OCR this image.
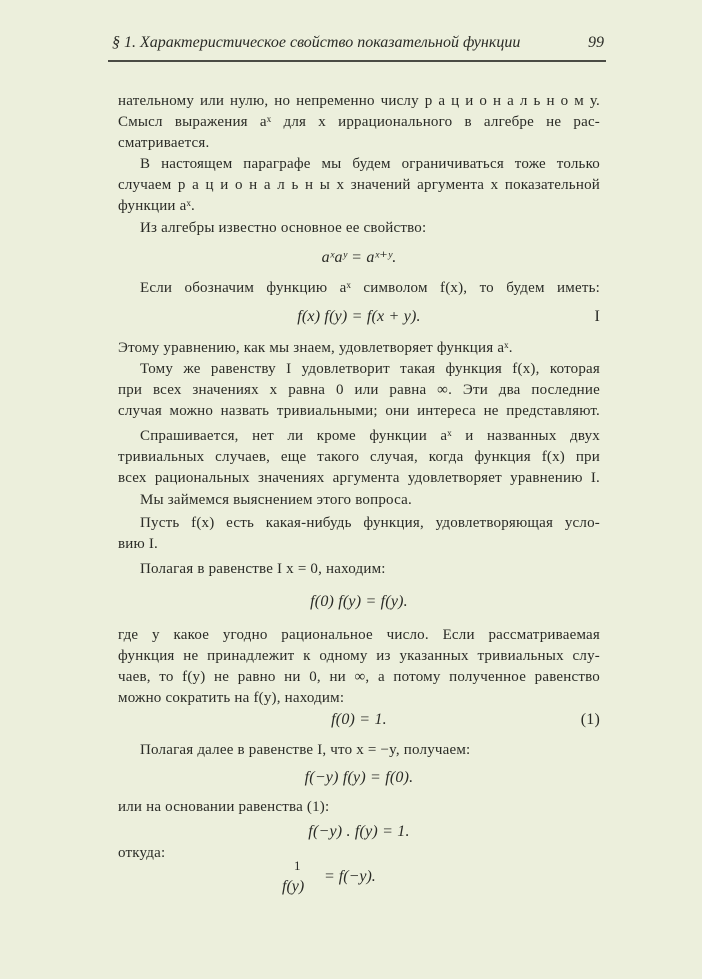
§ 1. Характеристическое свойство показательной функции	99
нательному или нулю, но непременно числу р а ц и о н а л ь н о м у.
Смысл выражения aˣ для x иррационального в алгебре не рас-
сматривается.
В настоящем параграфе мы будем ограничиваться тоже только
случаем р а ц и о н а л ь н ы х значений аргумента x показательной
функции aˣ.
Из алгебры известно основное ее свойство:
aˣaʸ = aˣ⁺ʸ.
Если обозначим функцию aˣ символом f(x), то будем иметь:
f(x) f(y) = f(x + y).	I
Этому уравнению, как мы знаем, удовлетворяет функция aˣ.
Тому же равенству I удовлетворит такая функция f(x), которая
при всех значениях x равна 0 или равна ∞. Эти два последние
случая можно назвать тривиальными; они интереса не представляют.
Спрашивается, нет ли кроме функции aˣ и названных двух
тривиальных случаев, еще такого случая, когда функция f(x) при
всех рациональных значениях аргумента удовлетворяет уравнению I.
Мы займемся выяснением этого вопроса.
Пусть f(x) есть какая-нибудь функция, удовлетворяющая усло-
вию I.
Полагая в равенстве I x = 0, находим:
f(0) f(y) = f(y).
где y какое угодно рациональное число. Если рассматриваемая
функция не принадлежит к одному из указанных тривиальных слу-
чаев, то f(y) не равно ни 0, ни ∞, а потому полученное равенство
можно сократить на f(y), находим:
f(0) = 1.	(1)
Полагая далее в равенстве I, что x = −y, получаем:
f(−y) f(y) = f(0).
или на основании равенства (1):
f(−y) . f(y) = 1.
откуда:
1
f(y)
= f(−y).
